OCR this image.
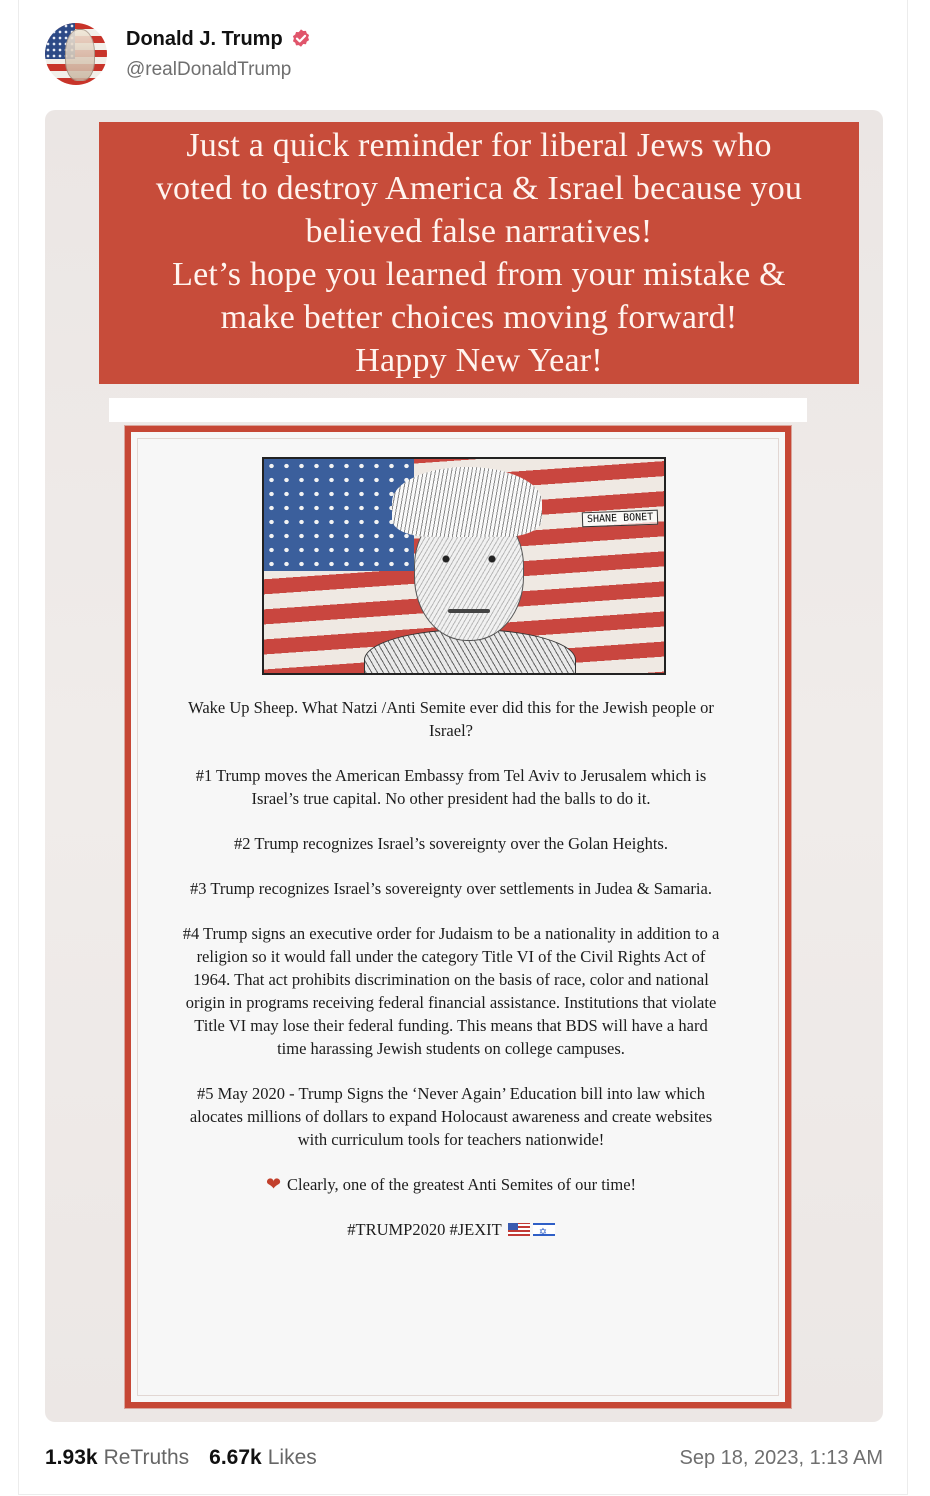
Donald J. Trump
@realDonaldTrump
Just a quick reminder for liberal Jews who
voted to destroy America & Israel because you
believed false narratives!
Let’s hope you learned from your mistake &
make better choices moving forward!
Happy New Year!
SHANE BONET

Wake Up Sheep. What Natzi /Anti Semite ever did this for the Jewish people or Israel?

#1 Trump moves the American Embassy from Tel Aviv to Jerusalem which is Israel’s true capital. No other president had the balls to do it.

#2 Trump recognizes Israel’s sovereignty over the Golan Heights.

#3 Trump recognizes Israel’s sovereignty over settlements in Judea & Samaria.

#4 Trump signs an executive order for Judaism to be a nationality in addition to a religion so it would fall under the category Title VI of the Civil Rights Act of 1964. That act prohibits discrimination on the basis of race, color and national origin in programs receiving federal financial assistance. Institutions that violate Title VI may lose their federal funding. This means that BDS will have a hard time harassing Jewish students on college campuses.

#5 May 2020 - Trump Signs the ‘Never Again’ Education bill into law which alocates millions of dollars to expand Holocaust awareness and create websites with curriculum tools for teachers nationwide!

❤ Clearly, one of the greatest Anti Semites of our time!

#TRUMP2020 #JEXIT✡

1.93k ReTruths 6.67k Likes	Sep 18, 2023, 1:13 AM
